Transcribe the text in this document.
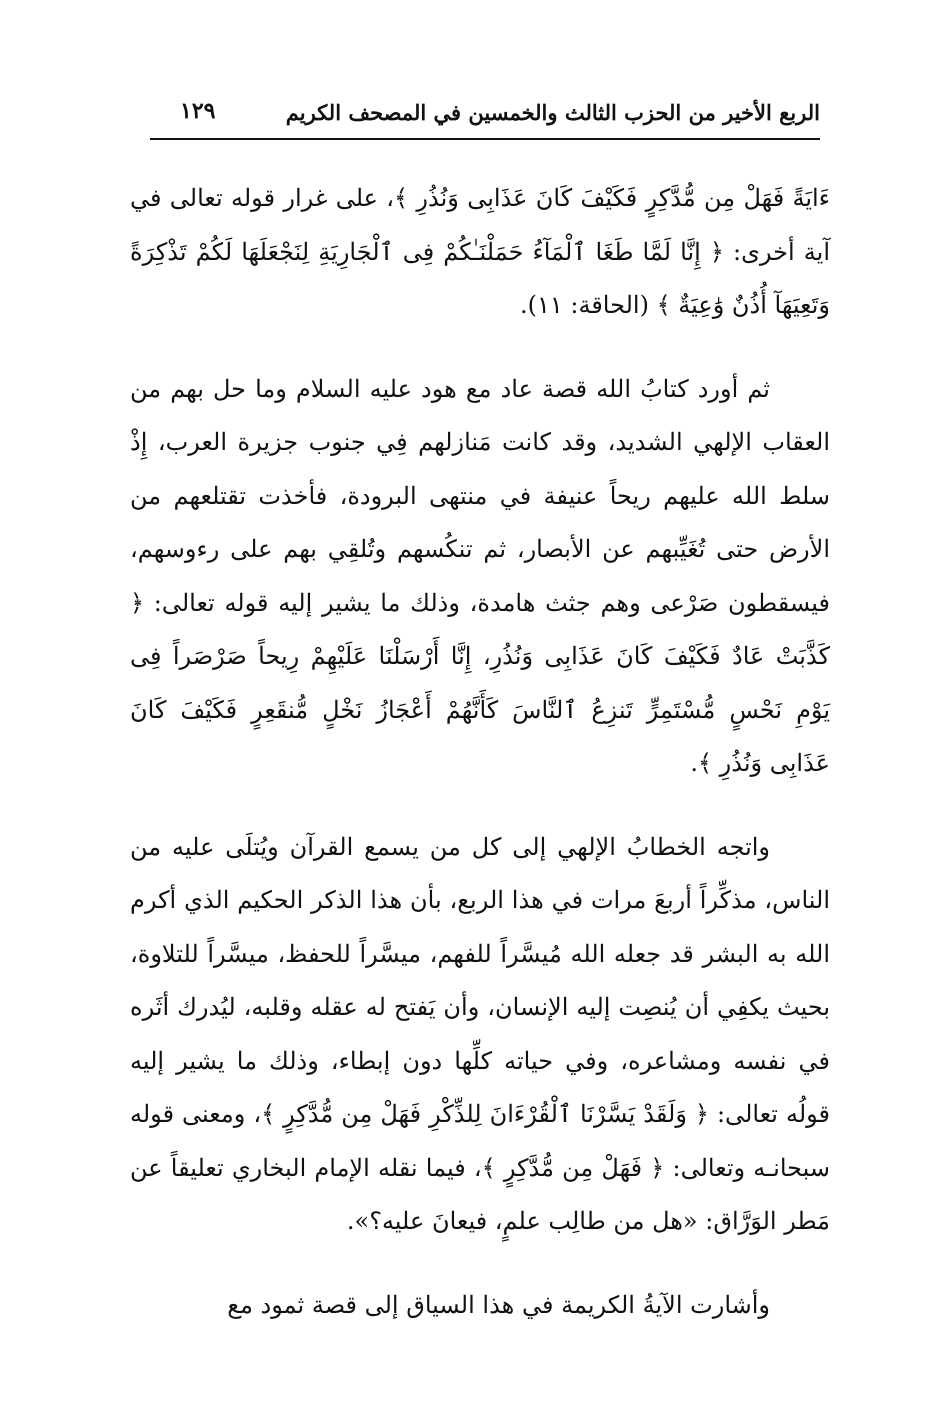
الربع الأخير من الحزب الثالث والخمسين في المصحف الكريم
١٢٩

ءَايَةً فَهَلْ مِن مُّدَّكِرٍ فَكَيْفَ كَانَ عَذَابِى وَنُذُرِ ﴾، على غرار قوله تعالى في آية أخرى: ﴿ إِنَّا لَمَّا طَغَا ٱلْمَآءُ حَمَلْنَـٰكُمْ فِى ٱلْجَارِيَةِ لِنَجْعَلَهَا لَكُمْ تَذْكِرَةً وَتَعِيَهَآ أُذُنٌ وَٰعِيَةٌ ﴾ (الحاقة: ١١).

ثم أورد كتابُ الله قصة عاد مع هود عليه السلام وما حل بهم من العقاب الإلهي الشديد، وقد كانت مَنازلهم فِي جنوب جزيرة العرب، إِذْ سلط الله عليهم ريحاً عنيفة في منتهى البرودة، فأخذت تقتلعهم من الأرض حتى تُغَيِّبهم عن الأبصار، ثم تنكُسهم وتُلقِي بهم على رءوسهم، فيسقطون صَرْعى وهم جثث هامدة، وذلك ما يشير إليه قوله تعالى: ﴿ كَذَّبَتْ عَادٌ فَكَيْفَ كَانَ عَذَابِى وَنُذُرِ، إِنَّا أَرْسَلْنَا عَلَيْهِمْ رِيحاً صَرْصَراً فِى يَوْمِ نَحْسٍ مُّسْتَمِرٍّ تَنزِعُ ٱلنَّاسَ كَأَنَّهُمْ أَعْجَازُ نَخْلٍ مُّنقَعِرٍ فَكَيْفَ كَانَ عَذَابِى وَنُذُرِ ﴾.

واتجه الخطابُ الإلهي إلى كل من يسمع القرآن ويُتلَى عليه من الناس، مذكِّراً أربعَ مرات في هذا الربع، بأن هذا الذكر الحكيم الذي أكرم الله به البشر قد جعله الله مُيسَّراً للفهم، ميسَّراً للحفظ، ميسَّراً للتلاوة، بحيث يكفِي أن يُنصِت إليه الإنسان، وأن يَفتح له عقله وقلبه، ليُدرك أثَره في نفسه ومشاعره، وفي حياته كلِّها دون إبطاء، وذلك ما يشير إليه قولُه تعالى: ﴿ وَلَقَدْ يَسَّرْنَا ٱلْقُرْءَانَ لِلذِّكْرِ فَهَلْ مِن مُّدَّكِرٍ ﴾، ومعنى قوله سبحانـه وتعالى: ﴿ فَهَلْ مِن مُّدَّكِرٍ ﴾، فيما نقله الإمام البخاري تعليقاً عن مَطر الوَرَّاق: «هل من طالِب علمٍ، فيعانَ عليه؟».

وأشارت الآيةُ الكريمة في هذا السياق إلى قصة ثمود مع
